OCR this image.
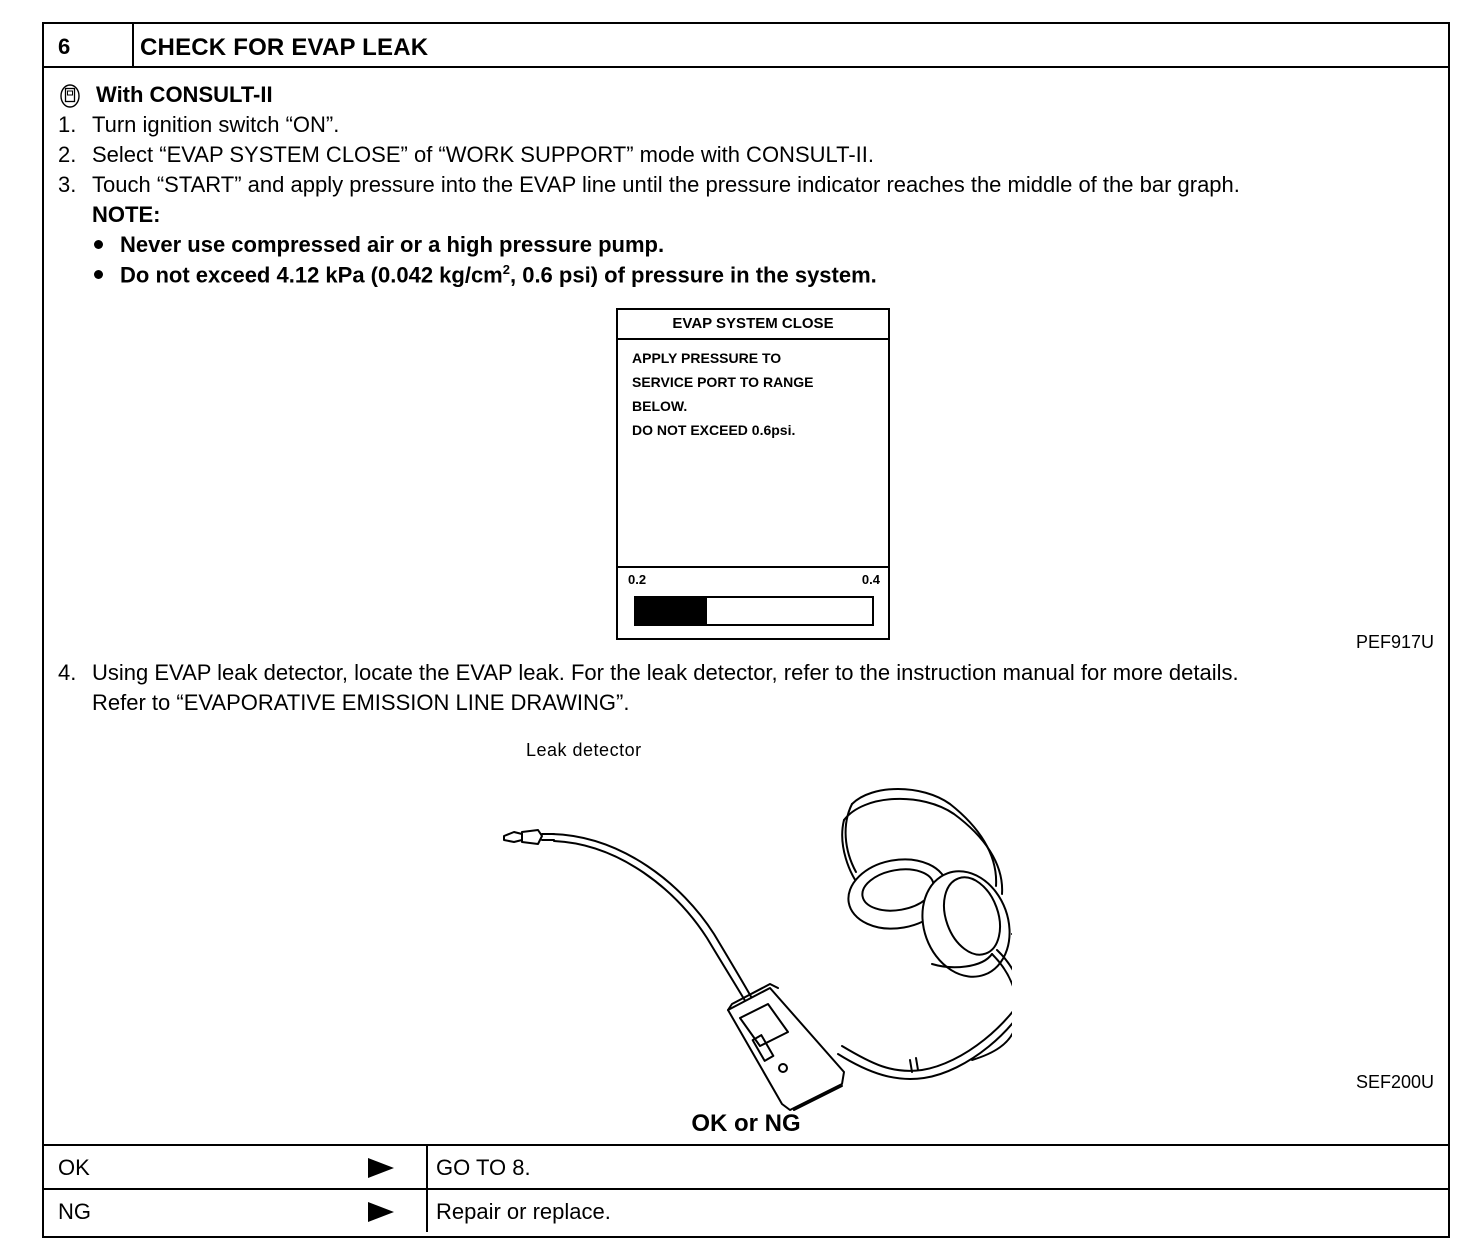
6	CHECK FOR EVAP LEAK
With CONSULT-II
1. Turn ignition switch “ON”.
2. Select “EVAP SYSTEM CLOSE” of “WORK SUPPORT” mode with CONSULT-II.
3. Touch “START” and apply pressure into the EVAP line until the pressure indicator reaches the middle of the bar graph.
NOTE:
Never use compressed air or a high pressure pump.
Do not exceed 4.12 kPa (0.042 $kg/cm^2$, 0.6 psi) of pressure in the system.
EVAP SYSTEM CLOSE
APPLY PRESSURE TO
SERVICE PORT TO RANGE
BELOW.
DO NOT EXCEED 0.6psi.
0.2	0.4
PEF917U
4. Using EVAP leak detector, locate the EVAP leak. For the leak detector, refer to the instruction manual for more details.
Refer to “EVAPORATIVE EMISSION LINE DRAWING”.
Leak detector
SEF200U
OK or NG
OK	GO TO 8.
NG	Repair or replace.
